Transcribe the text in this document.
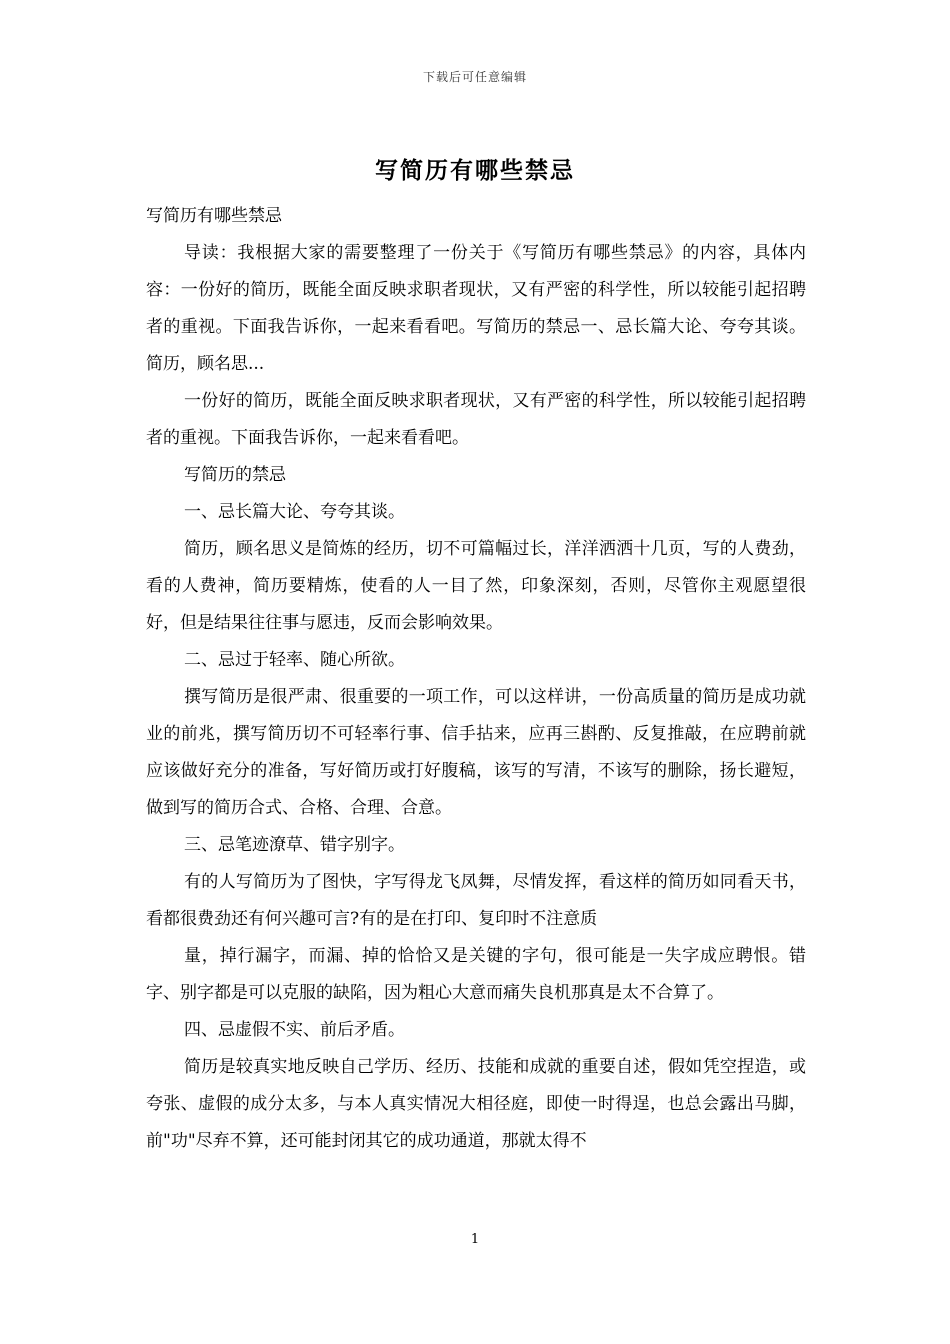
下载后可任意编辑
写简历有哪些禁忌

写简历有哪些禁忌

导读：我根据大家的需要整理了一份关于《写简历有哪些禁忌》的内容，具体内容：一份好的简历，既能全面反映求职者现状，又有严密的科学性，所以较能引起招聘者的重视。下面我告诉你，一起来看看吧。写简历的禁忌一、忌长篇大论、夸夸其谈。简历，顾名思...

一份好的简历，既能全面反映求职者现状，又有严密的科学性，所以较能引起招聘者的重视。下面我告诉你，一起来看看吧。

写简历的禁忌

一、忌长篇大论、夸夸其谈。

简历，顾名思义是简炼的经历，切不可篇幅过长，洋洋洒洒十几页，写的人费劲，看的人费神，简历要精炼，使看的人一目了然，印象深刻，否则，尽管你主观愿望很好，但是结果往往事与愿违，反而会影响效果。

二、忌过于轻率、随心所欲。

撰写简历是很严肃、很重要的一项工作，可以这样讲，一份高质量的简历是成功就业的前兆，撰写简历切不可轻率行事、信手拈来，应再三斟酌、反复推敲，在应聘前就应该做好充分的准备，写好简历或打好腹稿，该写的写清，不该写的删除，扬长避短，做到写的简历合式、合格、合理、合意。

三、忌笔迹潦草、错字别字。

有的人写简历为了图快，字写得龙飞凤舞，尽情发挥，看这样的简历如同看天书，看都很费劲还有何兴趣可言?有的是在打印、复印时不注意质

量，掉行漏字，而漏、掉的恰恰又是关键的字句，很可能是一失字成应聘恨。错字、别字都是可以克服的缺陷，因为粗心大意而痛失良机那真是太不合算了。

四、忌虚假不实、前后矛盾。

简历是较真实地反映自己学历、经历、技能和成就的重要自述，假如凭空捏造，或夸张、虚假的成分太多，与本人真实情况大相径庭，即使一时得逞，也总会露出马脚，前"功"尽弃不算，还可能封闭其它的成功通道，那就太得不

1
